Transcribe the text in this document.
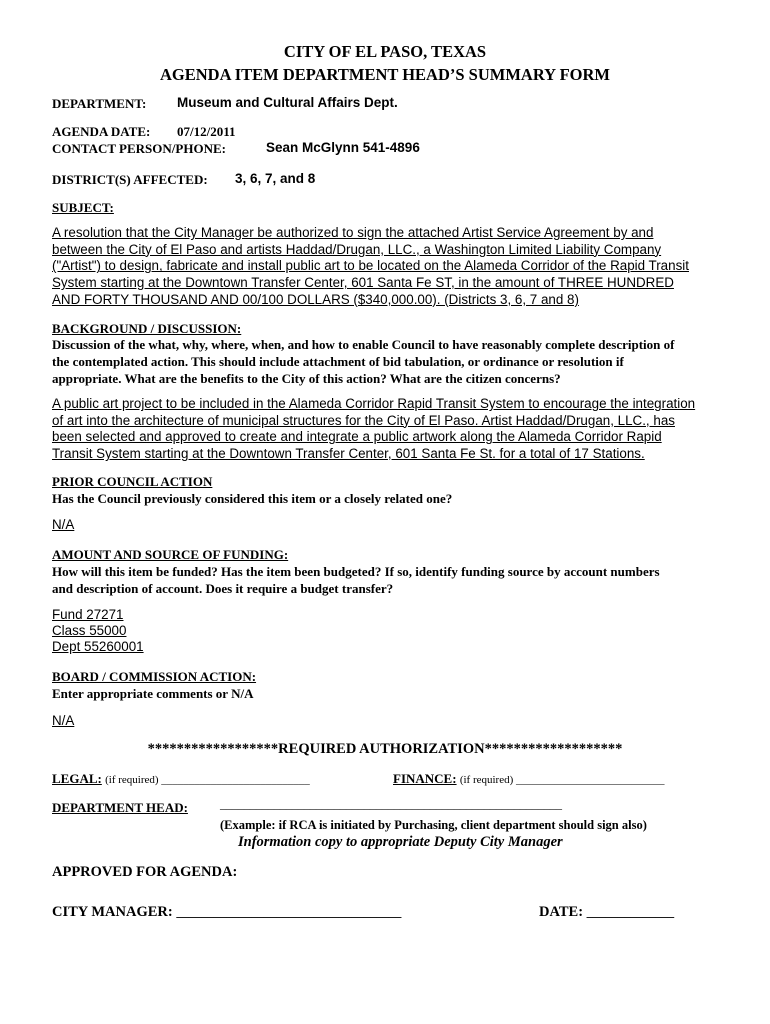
CITY OF EL PASO, TEXAS
AGENDA ITEM DEPARTMENT HEAD’S SUMMARY FORM
DEPARTMENT: Museum and Cultural Affairs Dept.
AGENDA DATE: 07/12/2011
CONTACT PERSON/PHONE:	Sean McGlynn 541-4896
DISTRICT(S) AFFECTED: 3, 6, 7, and 8
SUBJECT:
A resolution that the City Manager be authorized to sign the attached Artist Service Agreement by and
between the City of El Paso and artists Haddad/Drugan, LLC., a Washington Limited Liability Company
("Artist") to design, fabricate and install public art to be located on the Alameda Corridor of the Rapid Transit
System starting at the Downtown Transfer Center, 601 Santa Fe ST, in the amount of THREE HUNDRED
AND FORTY THOUSAND AND 00/100 DOLLARS ($340,000.00). (Districts 3, 6, 7 and 8)
BACKGROUND / DISCUSSION:
Discussion of the what, why, where, when, and how to enable Council to have reasonably complete description of
the contemplated action. This should include attachment of bid tabulation, or ordinance or resolution if
appropriate. What are the benefits to the City of this action? What are the citizen concerns?
A public art project to be included in the Alameda Corridor Rapid Transit System to encourage the integration
of art into the architecture of municipal structures for the City of El Paso. Artist Haddad/Drugan, LLC., has
been selected and approved to create and integrate a public artwork along the Alameda Corridor Rapid
Transit System starting at the Downtown Transfer Center, 601 Santa Fe St. for a total of 17 Stations.
PRIOR COUNCIL ACTION
Has the Council previously considered this item or a closely related one?
N/A
AMOUNT AND SOURCE OF FUNDING:
How will this item be funded? Has the item been budgeted? If so, identify funding source by account numbers
and description of account. Does it require a budget transfer?
Fund 27271
Class 55000
Dept 55260001
BOARD / COMMISSION ACTION:
Enter appropriate comments or N/A
N/A
******************REQUIRED AUTHORIZATION*******************
LEGAL: (if required) ___________________________	FINANCE: (if required) ___________________________
DEPARTMENT HEAD:	_________________________________________________________
(Example: if RCA is initiated by Purchasing, client department should sign also)
Information copy to appropriate Deputy City Manager
APPROVED FOR AGENDA:
CITY MANAGER: ____________________________________	DATE: ______________
